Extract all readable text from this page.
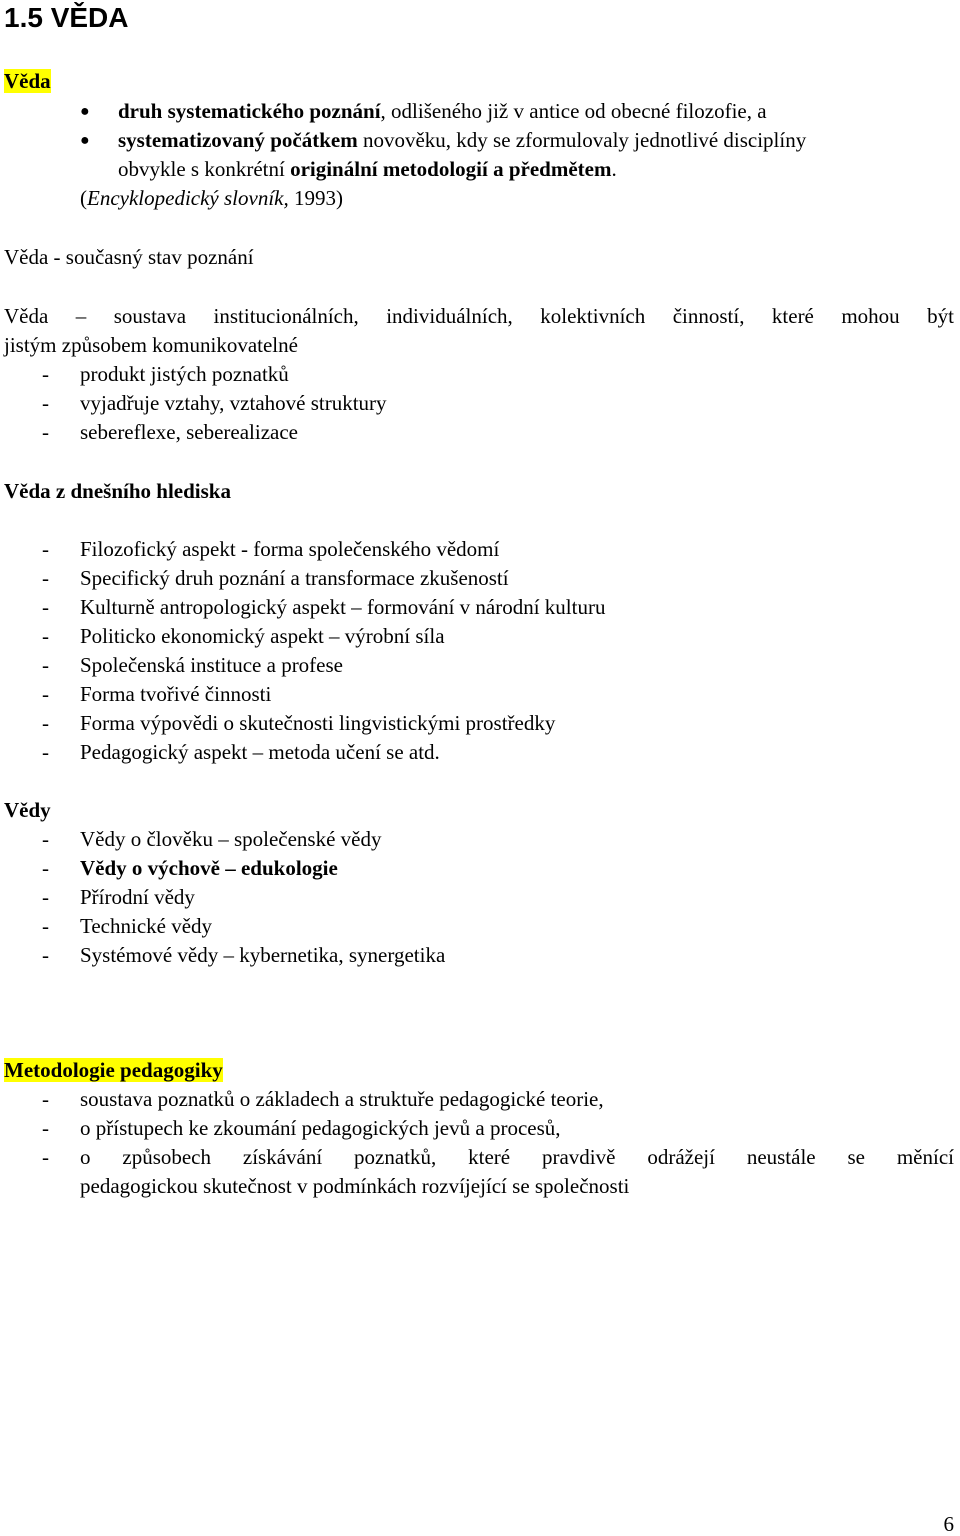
1.5 VĚDA
Věda
● druh systematického poznání, odlišeného již v antice od obecné filozofie, a
● systematizovaný počátkem novověku, kdy se zformulovaly jednotlivé disciplíny
obvykle s konkrétní originální metodologií a předmětem.
(Encyklopedický slovník, 1993)
Věda - současný stav poznání
Věda – soustava institucionálních, individuálních, kolektivních činností, které mohou být
jistým způsobem komunikovatelné
- produkt jistých poznatků
- vyjadřuje vztahy, vztahové struktury
- sebereflexe, seberealizace
Věda z dnešního hlediska
- Filozofický aspekt - forma společenského vědomí
- Specifický druh poznání a transformace zkušeností
- Kulturně antropologický aspekt – formování v národní kulturu
- Politicko ekonomický aspekt – výrobní síla
- Společenská instituce a profese
- Forma tvořivé činnosti
- Forma výpovědi o skutečnosti lingvistickými prostředky
- Pedagogický aspekt – metoda učení se atd.
Vědy
- Vědy o člověku – společenské vědy
- Vědy o výchově – edukologie
- Přírodní vědy
- Technické vědy
- Systémové vědy – kybernetika, synergetika
Metodologie pedagogiky
- soustava poznatků o základech a struktuře pedagogické teorie,
- o přístupech ke zkoumání pedagogických jevů a procesů,
- o způsobech získávání poznatků, které pravdivě odrážejí neustále se měnící
pedagogickou skutečnost v podmínkách rozvíjející se společnosti
6
